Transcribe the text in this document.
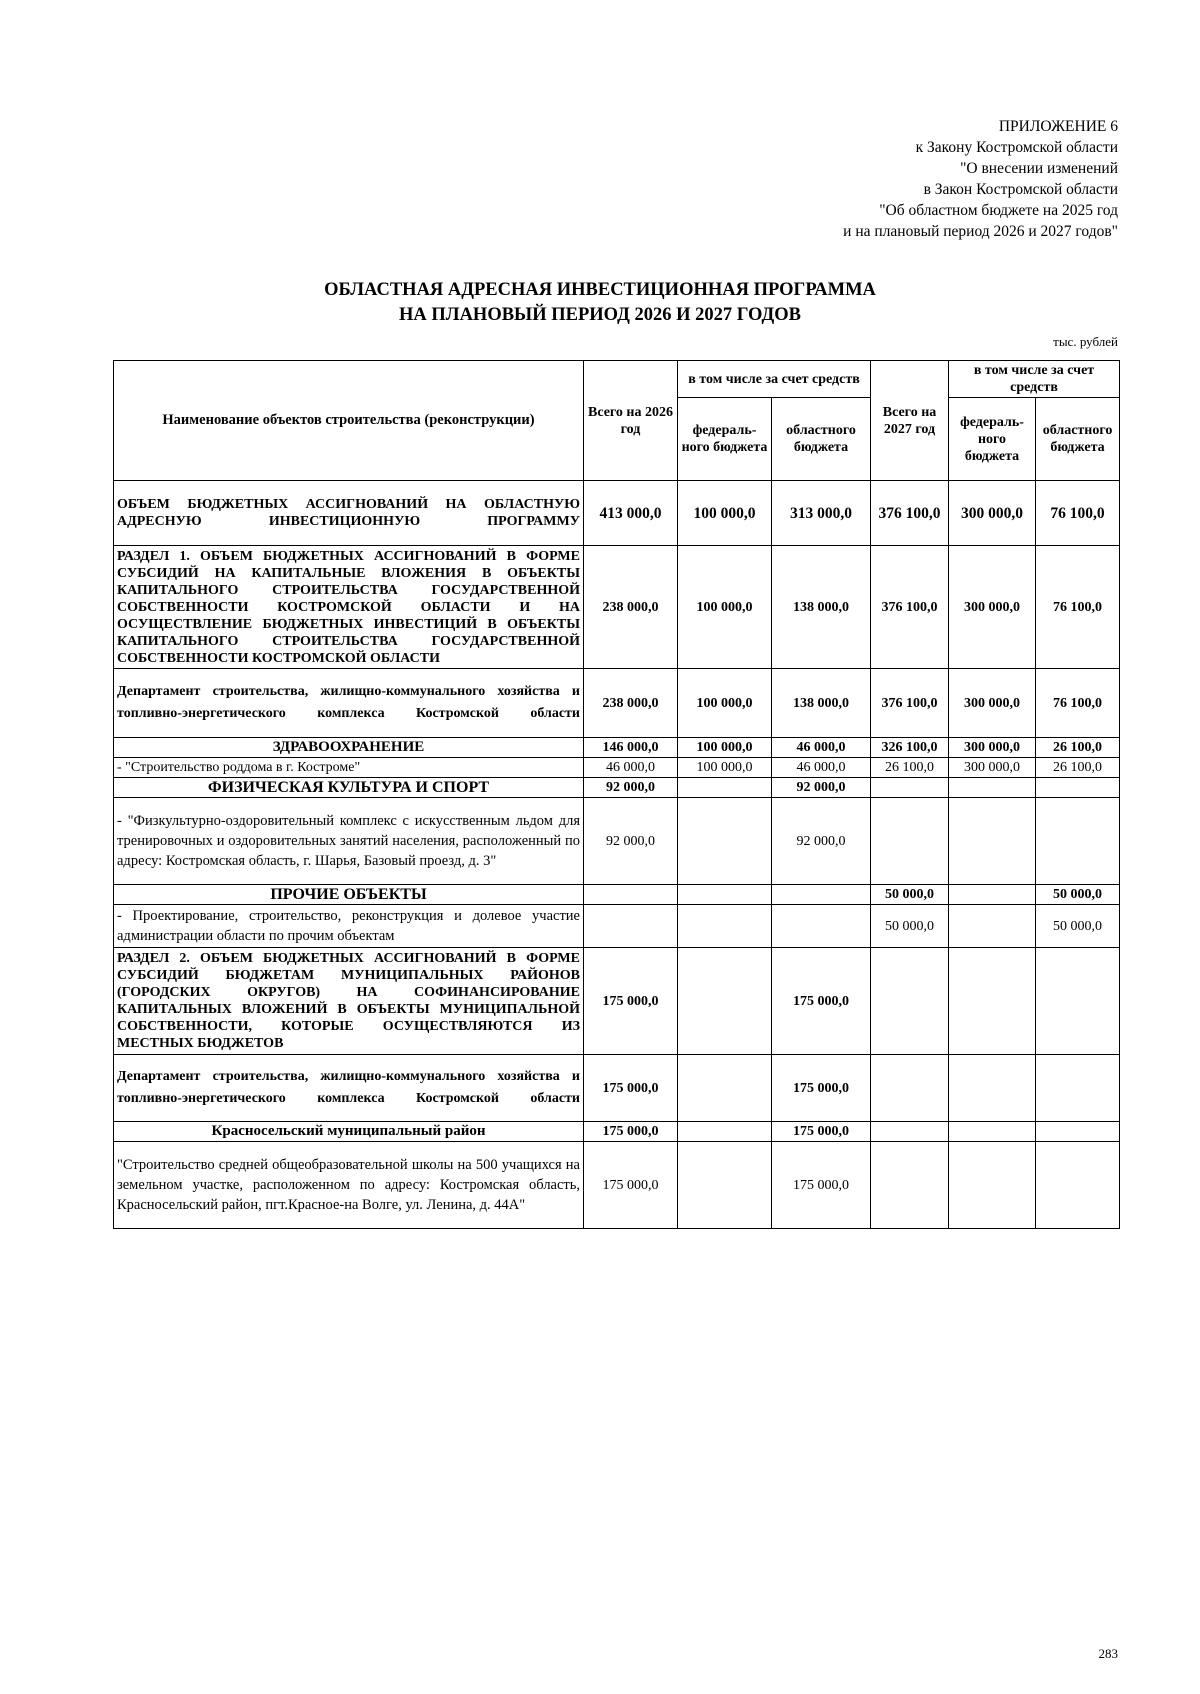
ПРИЛОЖЕНИЕ 6
к Закону Костромской области
"О внесении изменений
в Закон Костромской области
"Об областном бюджете на 2025 год
и на плановый период 2026 и 2027 годов"
ОБЛАСТНАЯ АДРЕСНАЯ ИНВЕСТИЦИОННАЯ ПРОГРАММА
НА ПЛАНОВЫЙ ПЕРИОД 2026 И 2027 ГОДОВ
тыс. рублей
Наименование объектов строительства (реконструкции)	Всего на 2026 год	в том числе за счет средств		Всего на 2027 год	в том числе за счет средств	
		федераль-ного бюджета	областного бюджета		федераль-ного бюджета	областного бюджета
ОБЪЕМ БЮДЖЕТНЫХ АССИГНОВАНИЙ НА ОБЛАСТНУЮ АДРЕСНУЮ ИНВЕСТИЦИОННУЮ ПРОГРАММУ	413 000,0	100 000,0	313 000,0	376 100,0	300 000,0	76 100,0
РАЗДЕЛ 1. ОБЪЕМ БЮДЖЕТНЫХ АССИГНОВАНИЙ В ФОРМЕ СУБСИДИЙ НА КАПИТАЛЬНЫЕ ВЛОЖЕНИЯ В ОБЪЕКТЫ КАПИТАЛЬНОГО СТРОИТЕЛЬСТВА ГОСУДАРСТВЕННОЙ СОБСТВЕННОСТИ КОСТРОМСКОЙ ОБЛАСТИ И НА ОСУЩЕСТВЛЕНИЕ БЮДЖЕТНЫХ ИНВЕСТИЦИЙ В ОБЪЕКТЫ КАПИТАЛЬНОГО СТРОИТЕЛЬСТВА ГОСУДАРСТВЕННОЙ СОБСТВЕННОСТИ КОСТРОМСКОЙ ОБЛАСТИ	238 000,0	100 000,0	138 000,0	376 100,0	300 000,0	76 100,0
Департамент строительства, жилищно-коммунального хозяйства и топливно-энергетического комплекса Костромской области	238 000,0	100 000,0	138 000,0	376 100,0	300 000,0	76 100,0
ЗДРАВООХРАНЕНИЕ	146 000,0	100 000,0	46 000,0	326 100,0	300 000,0	26 100,0
- "Строительство роддома в г. Костроме"	46 000,0	100 000,0	46 000,0	26 100,0	300 000,0	26 100,0
ФИЗИЧЕСКАЯ КУЛЬТУРА И СПОРТ	92 000,0		92 000,0			
- "Физкультурно-оздоровительный комплекс с искусственным льдом для тренировочных и оздоровительных занятий населения, расположенный по адресу: Костромская область, г. Шарья, Базовый проезд, д. 3"	92 000,0		92 000,0			
ПРОЧИЕ ОБЪЕКТЫ				50 000,0		50 000,0
- Проектирование, строительство, реконструкция и долевое участие администрации области по прочим объектам				50 000,0		50 000,0
РАЗДЕЛ 2. ОБЪЕМ БЮДЖЕТНЫХ АССИГНОВАНИЙ В ФОРМЕ СУБСИДИЙ БЮДЖЕТАМ МУНИЦИПАЛЬНЫХ РАЙОНОВ (ГОРОДСКИХ ОКРУГОВ) НА СОФИНАНСИРОВАНИЕ КАПИТАЛЬНЫХ ВЛОЖЕНИЙ В ОБЪЕКТЫ МУНИЦИПАЛЬНОЙ СОБСТВЕННОСТИ, КОТОРЫЕ ОСУЩЕСТВЛЯЮТСЯ ИЗ МЕСТНЫХ БЮДЖЕТОВ	175 000,0		175 000,0			
Департамент строительства, жилищно-коммунального хозяйства и топливно-энергетического комплекса Костромской области	175 000,0		175 000,0			
Красносельский муниципальный район	175 000,0		175 000,0			
"Строительство средней общеобразовательной школы на 500 учащихся на земельном участке, расположенном по адресу: Костромская область, Красносельский район, пгт.Красное-на Волге, ул. Ленина, д. 44А"	175 000,0		175 000,0			
283
